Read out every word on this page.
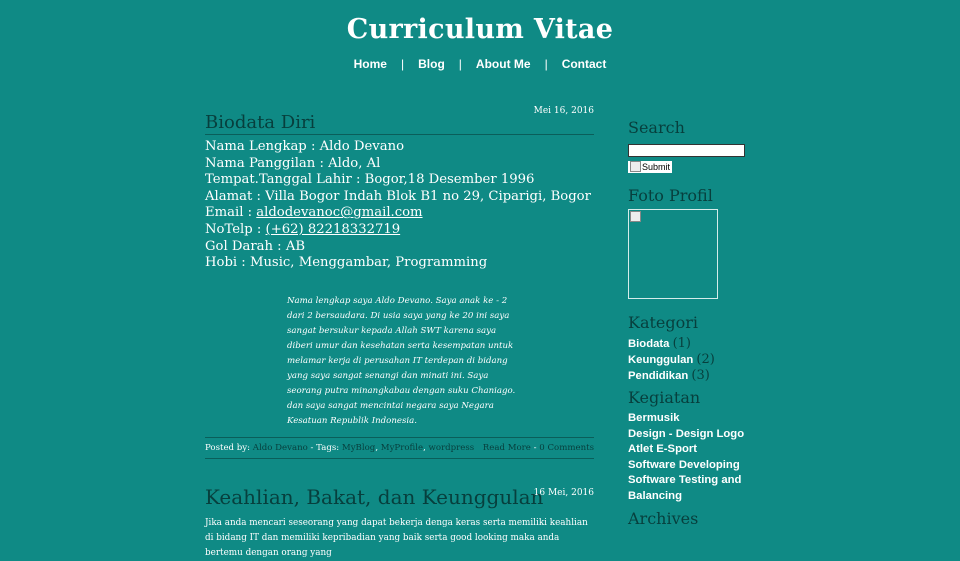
Curriculum Vitae
Home | Blog | About Me | Contact
Biodata Diri
Mei 16, 2016
Nama Lengkap : Aldo Devano
Nama Panggilan : Aldo, Al
Tempat.Tanggal Lahir : Bogor,18 Desember 1996
Alamat : Villa Bogor Indah Blok B1 no 29, Ciparigi, Bogor
Email : aldodevanoc@gmail.com
NoTelp : (+62) 82218332719
Gol Darah : AB
Hobi : Music, Menggambar, Programming
Nama lengkap saya Aldo Devano. Saya anak ke - 2 dari 2 bersaudara. Di usia saya yang ke 20 ini saya sangat bersukur kepada Allah SWT karena saya diberi umur dan kesehatan serta kesempatan untuk melamar kerja di perusahan IT terdepan di bidang yang saya sangat senangi dan minati ini. Saya seorang putra minangkabau dengan suku Chaniago. dan saya sangat mencintai negara saya Negara Kesatuan Republik Indonesia.
Posted by: Aldo Devano - Tags: MyBlog, MyProfile, wordpress Read More - 0 Comments
Keahlian, Bakat, dan Keunggulan
16 Mei, 2016
Jika anda mencari seseorang yang dapat bekerja denga keras serta memiliki keahlian di bidang IT dan memiliki kepribadian yang baik serta good looking maka anda bertemu dengan orang yang
Search
Submit
Foto Profil
Kategori
Biodata (1)
Keunggulan (2)
Pendidikan (3)
Kegiatan
Bermusik
Design - Design Logo
Atlet E-Sport
Software Developing
Software Testing and Balancing
Archives
